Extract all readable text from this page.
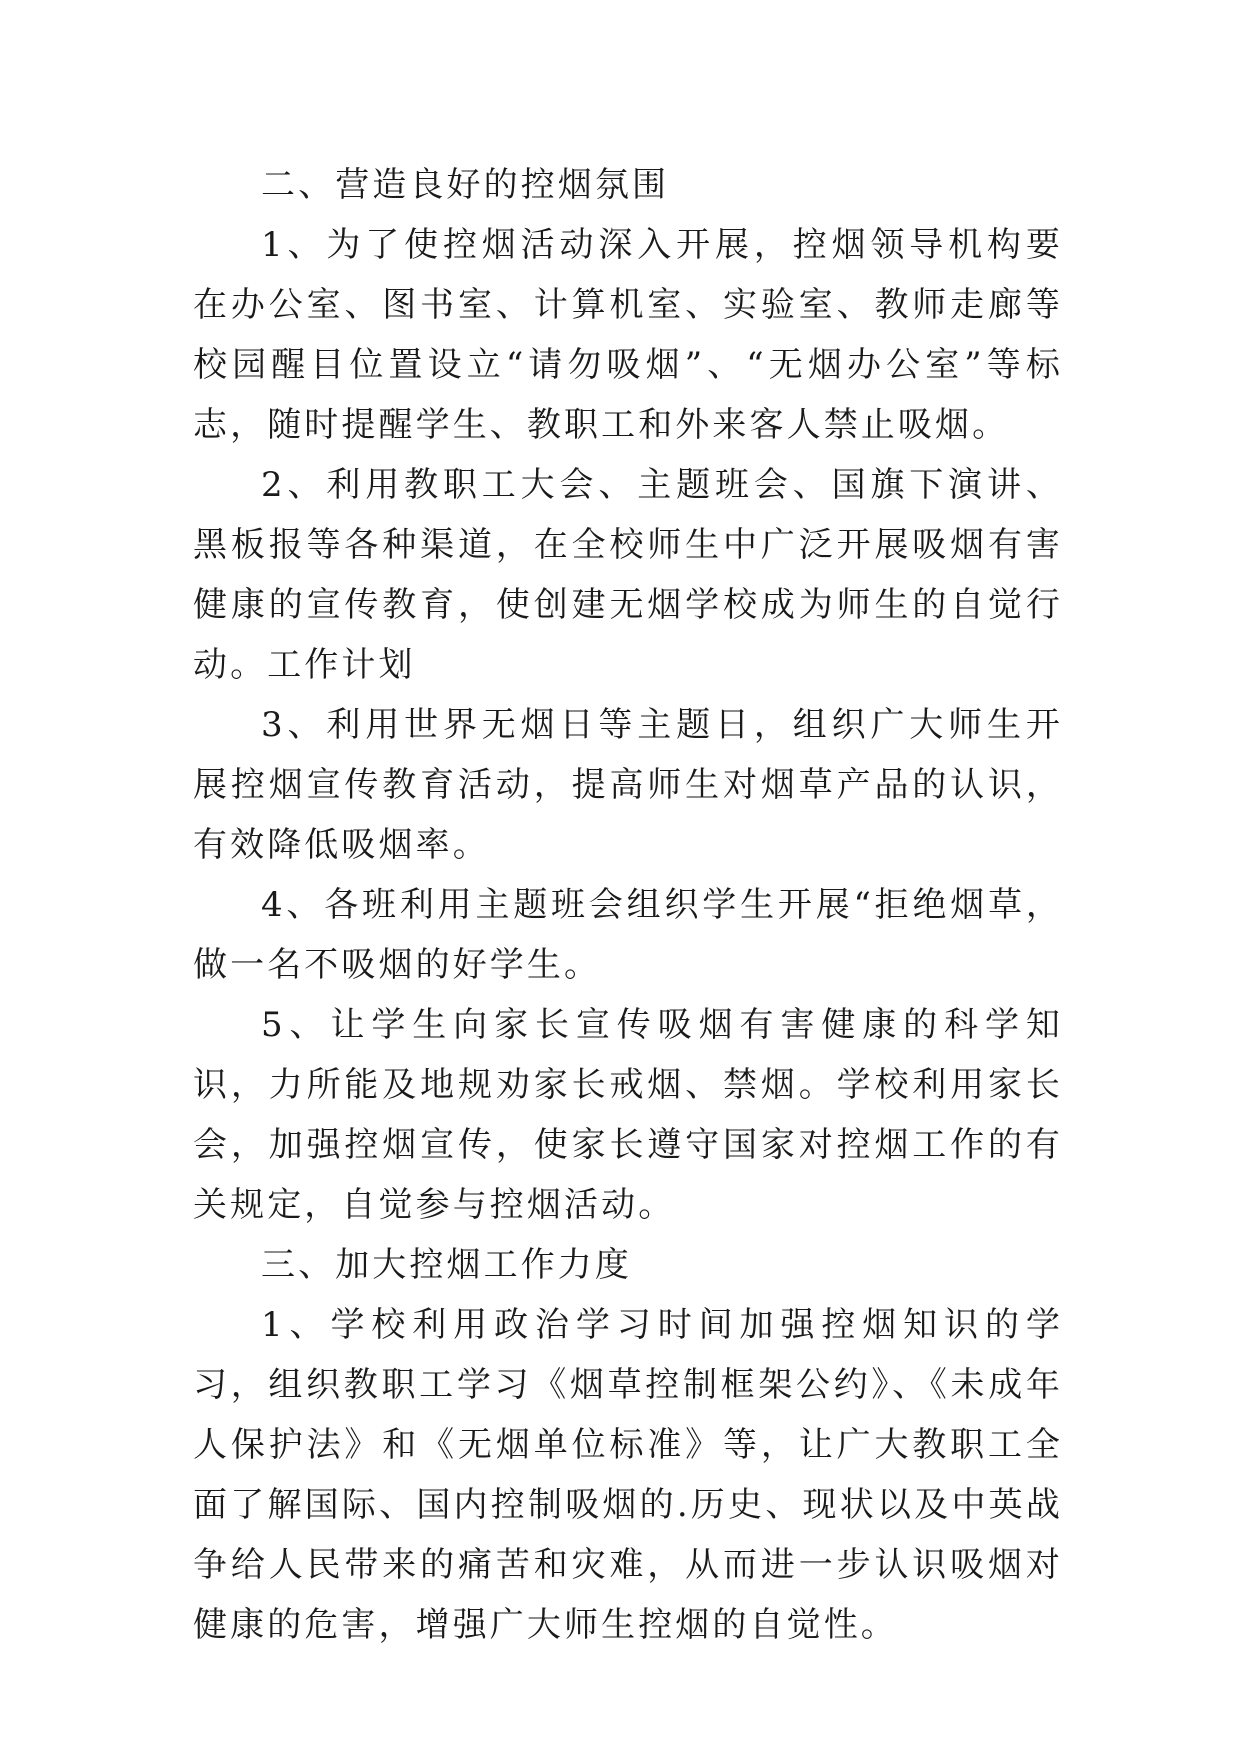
二、营造良好的控烟氛围

1、为了使控烟活动深入开展，控烟领导机构要在办公室、图书室、计算机室、实验室、教师走廊等校园醒目位置设立“请勿吸烟”、“无烟办公室”等标志，随时提醒学生、教职工和外来客人禁止吸烟。

2、利用教职工大会、主题班会、国旗下演讲、黑板报等各种渠道，在全校师生中广泛开展吸烟有害健康的宣传教育，使创建无烟学校成为师生的自觉行动。工作计划

3、利用世界无烟日等主题日，组织广大师生开展控烟宣传教育活动，提高师生对烟草产品的认识，有效降低吸烟率。

4、各班利用主题班会组织学生开展“拒绝烟草，做一名不吸烟的好学生。

5、让学生向家长宣传吸烟有害健康的科学知识，力所能及地规劝家长戒烟、禁烟。学校利用家长会，加强控烟宣传，使家长遵守国家对控烟工作的有关规定，自觉参与控烟活动。

三、加大控烟工作力度

1、学校利用政治学习时间加强控烟知识的学习，组织教职工学习《烟草控制框架公约》、《未成年人保护法》和《无烟单位标准》等，让广大教职工全面了解国际、国内控制吸烟的.历史、现状以及中英战争给人民带来的痛苦和灾难，从而进一步认识吸烟对健康的危害，增强广大师生控烟的自觉性。
